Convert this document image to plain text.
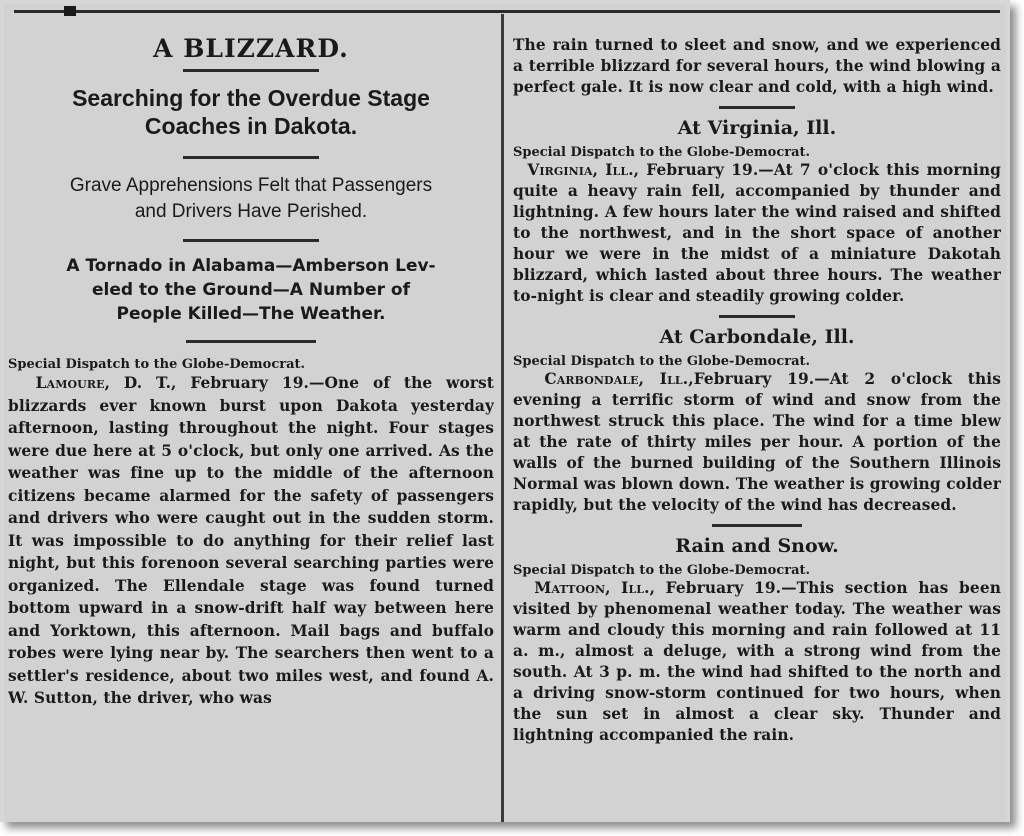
A BLIZZARD.
Searching for the Overdue Stage
Coaches in Dakota.
Grave Apprehensions Felt that Passengers
and Drivers Have Perished.
A Tornado in Alabama—Amberson Lev-
eled to the Ground—A Number of
People Killed—The Weather.

Special Dispatch to the Globe-Democrat.

Lamoure, D. T., February 19.—One of the worst blizzards ever known burst upon Dakota yesterday afternoon, lasting throughout the night. Four stages were due here at 5 o'clock, but only one arrived. As the weather was fine up to the middle of the afternoon citizens became alarmed for the safety of passengers and drivers who were caught out in the sudden storm. It was impossible to do anything for their relief last night, but this forenoon several searching parties were organized. The Ellendale stage was found turned bottom upward in a snow-drift half way between here and Yorktown, this afternoon. Mail bags and buffalo robes were lying near by. The searchers then went to a settler's residence, about two miles west, and found A. W. Sutton, the driver, who was

The rain turned to sleet and snow, and we experienced a terrible blizzard for several hours, the wind blowing a perfect gale. It is now clear and cold, with a high wind.

At Virginia, Ill.

Special Dispatch to the Globe-Democrat.

Virginia, Ill., February 19.—At 7 o'clock this morning quite a heavy rain fell, accompanied by thunder and lightning. A few hours later the wind raised and shifted to the northwest, and in the short space of another hour we were in the midst of a miniature Dakotah blizzard, which lasted about three hours. The weather to-night is clear and steadily growing colder.

At Carbondale, Ill.

Special Dispatch to the Globe-Democrat.

Carbondale, Ill.,February 19.—At 2 o'clock this evening a terrific storm of wind and snow from the northwest struck this place. The wind for a time blew at the rate of thirty miles per hour. A portion of the walls of the burned building of the Southern Illinois Normal was blown down. The weather is growing colder rapidly, but the velocity of the wind has decreased.

Rain and Snow.

Special Dispatch to the Globe-Democrat.

Mattoon, Ill., February 19.—This section has been visited by phenomenal weather today. The weather was warm and cloudy this morning and rain followed at 11 a. m., almost a deluge, with a strong wind from the south. At 3 p. m. the wind had shifted to the north and a driving snow-storm continued for two hours, when the sun set in almost a clear sky. Thunder and lightning accompanied the rain.
